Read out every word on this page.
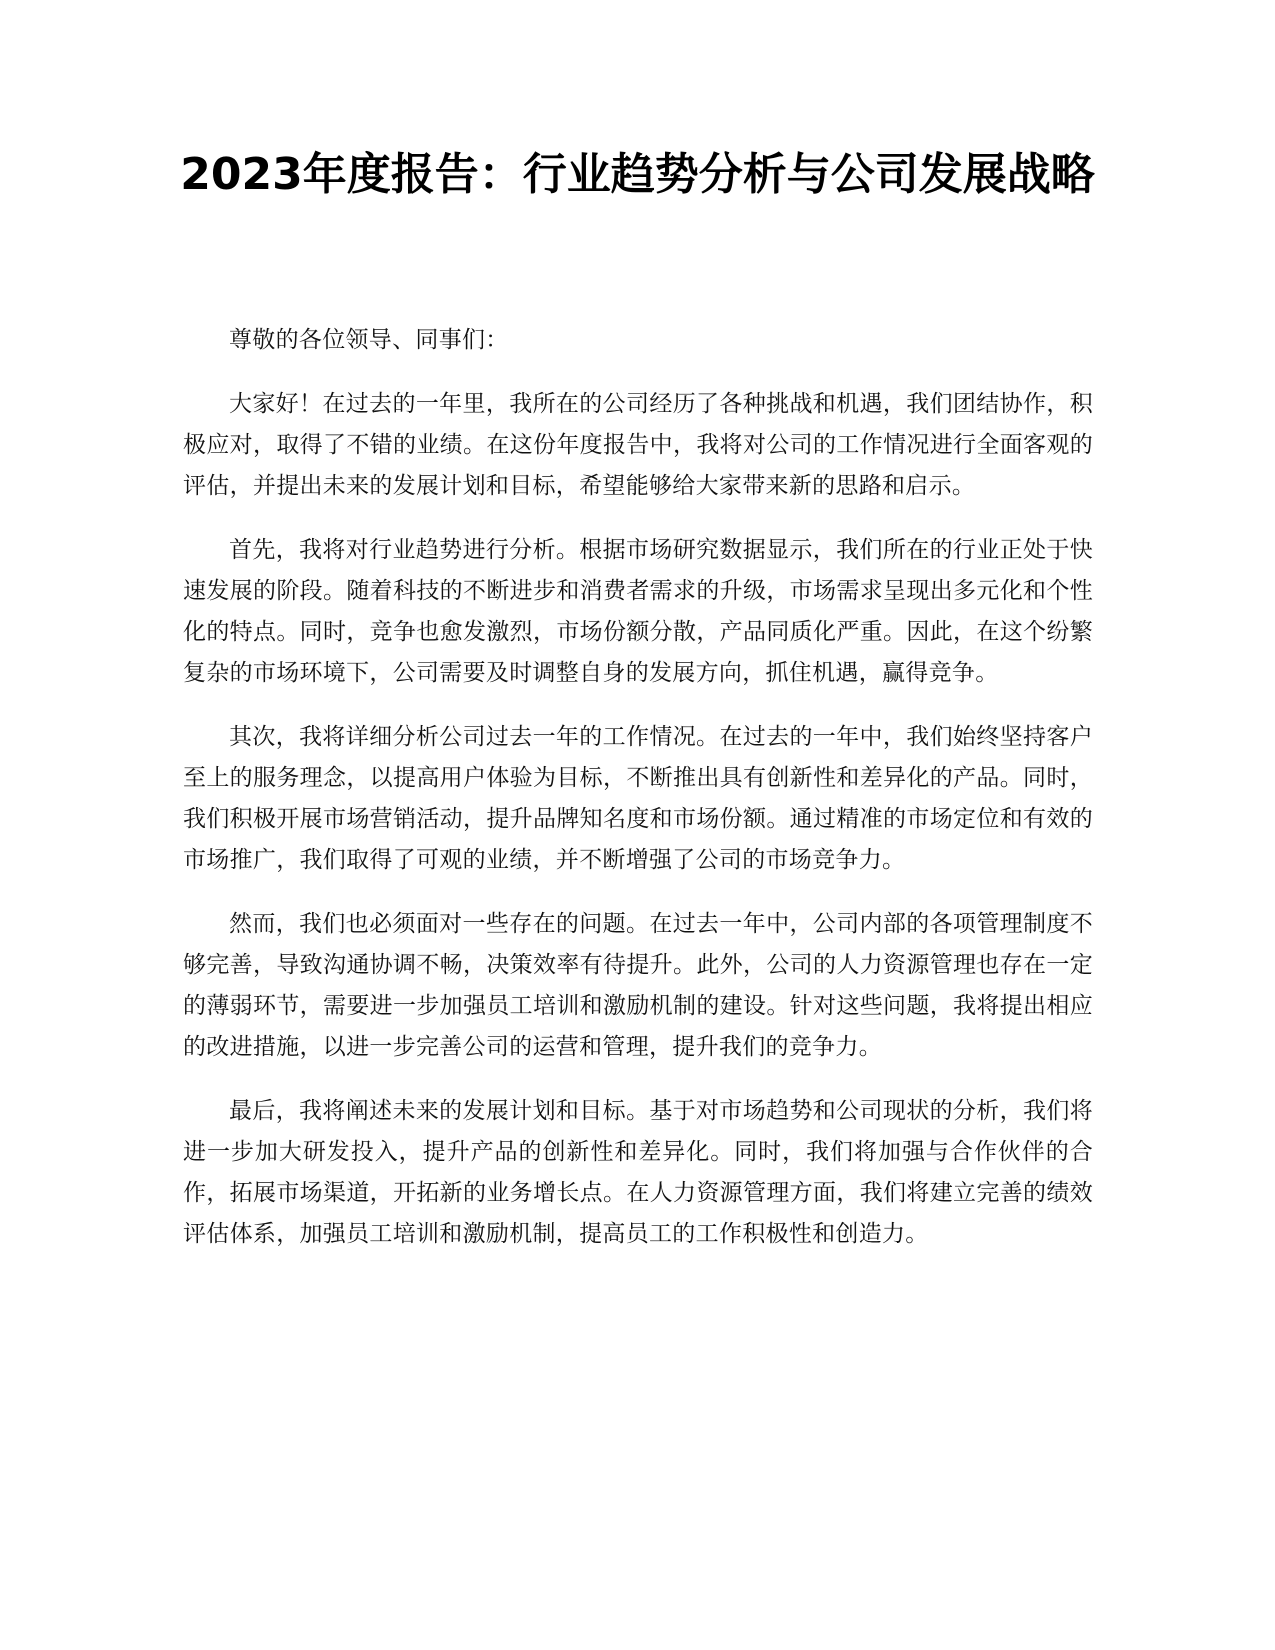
2023年度报告：行业趋势分析与公司发展战略

尊敬的各位领导、同事们：

大家好！在过去的一年里，我所在的公司经历了各种挑战和机遇，我们团结协作，积极应对，取得了不错的业绩。在这份年度报告中，我将对公司的工作情况进行全面客观的评估，并提出未来的发展计划和目标，希望能够给大家带来新的思路和启示。

首先，我将对行业趋势进行分析。根据市场研究数据显示，我们所在的行业正处于快速发展的阶段。随着科技的不断进步和消费者需求的升级，市场需求呈现出多元化和个性化的特点。同时，竞争也愈发激烈，市场份额分散，产品同质化严重。因此，在这个纷繁复杂的市场环境下，公司需要及时调整自身的发展方向，抓住机遇，赢得竞争。

其次，我将详细分析公司过去一年的工作情况。在过去的一年中，我们始终坚持客户至上的服务理念，以提高用户体验为目标，不断推出具有创新性和差异化的产品。同时，我们积极开展市场营销活动，提升品牌知名度和市场份额。通过精准的市场定位和有效的市场推广，我们取得了可观的业绩，并不断增强了公司的市场竞争力。

然而，我们也必须面对一些存在的问题。在过去一年中，公司内部的各项管理制度不够完善，导致沟通协调不畅，决策效率有待提升。此外，公司的人力资源管理也存在一定的薄弱环节，需要进一步加强员工培训和激励机制的建设。针对这些问题，我将提出相应的改进措施，以进一步完善公司的运营和管理，提升我们的竞争力。

最后，我将阐述未来的发展计划和目标。基于对市场趋势和公司现状的分析，我们将进一步加大研发投入，提升产品的创新性和差异化。同时，我们将加强与合作伙伴的合作，拓展市场渠道，开拓新的业务增长点。在人力资源管理方面，我们将建立完善的绩效评估体系，加强员工培训和激励机制，提高员工的工作积极性和创造力。
